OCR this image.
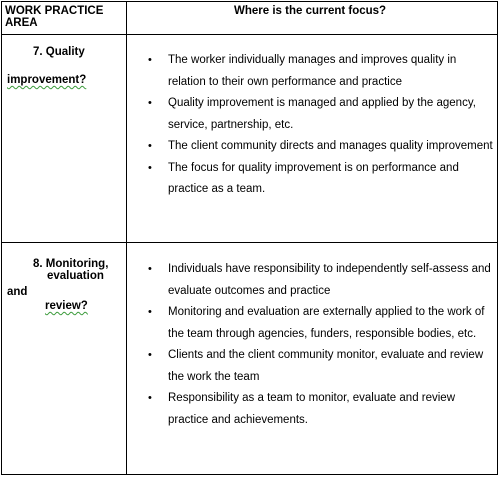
WORK PRACTICE
AREA
Where is the current focus?
7. Quality
improvement?
• The worker individually manages and improves quality in relation to their own performance and practice
• Quality improvement is managed and applied by the agency, service, partnership, etc.
• The client community directs and manages quality improvement
• The focus for quality improvement is on performance and practice as a team.
8. Monitoring,
evaluation
and
review?
• Individuals have responsibility to independently self-assess and evaluate outcomes and practice
• Monitoring and evaluation are externally applied to the work of the team through agencies, funders, responsible bodies, etc.
• Clients and the client community monitor, evaluate and review the work the team
• Responsibility as a team to monitor, evaluate and review practice and achievements.
